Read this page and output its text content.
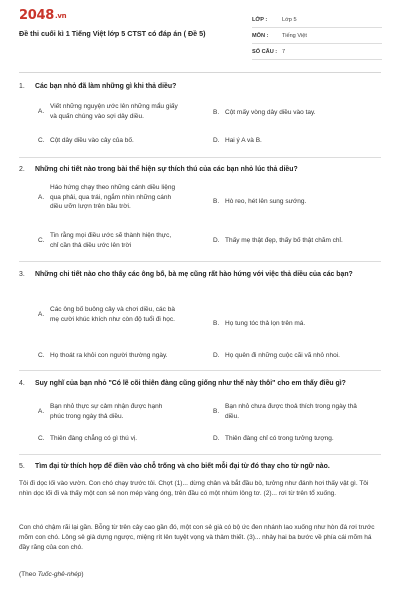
2048.vn
Đề thi cuối kì 1 Tiếng Việt lớp 5 CTST có đáp án ( Đề 5)
LỚP :	Lớp 5
MÔN :	Tiếng Việt
SỐ CÂU : 7
1.	Các bạn nhỏ đã làm những gì khi thả diều?
A.
Viết những nguyện ước lên những mẩu giấy và quấn chúng vào sợi dây diều.	B. Cột mấy vòng dây diều vào tay.
C. Cột dây diều vào cây của bố.	D. Hai ý A và B.
2.	Những chi tiết nào trong bài thể hiện sự thích thú của các bạn nhỏ lúc thả diều?
A.
Háo hứng chạy theo những cánh diều liệng qua phải, qua trái, ngắm nhìn những cánh diều ưỡn lượn trên bầu trời.
B. Hò reo, hét lên sung sướng.
C.
Tin rằng mọi điều ước sẽ thành hiện thực, chỉ cần thả diều ước lên trời
D. Thấy mẹ thật đẹp, thấy bố thật chăm chỉ.
3.	Những chi tiết nào cho thấy các ông bố, bà mẹ cũng rất hào hứng với việc thả diều của các bạn?
A.
Các ông bố buông cây và chơi diều, các bà mẹ cười khúc khích như còn độ tuổi đi học.
B. Họ tung tóc thả lọn trên má.
C. Họ thoát ra khỏi con người thường ngày.	D. Họ quên đi những cuộc cãi vã nhỏ nhoi.
4.	Suy nghĩ của bạn nhỏ "Có lẽ cõi thiên đàng cũng giống như thế này thôi" cho em thấy điều gì?
A.
Bạn nhỏ thực sự cảm nhận được hạnh phúc trong ngày thả diều.
B.
Bạn nhỏ chưa được thoả thích trong ngày thả diều.
C. Thiên đàng chẳng có gì thú vị.	D. Thiên đàng chỉ có trong tưởng tượng.
5.	Tìm đại từ thích hợp để điền vào chỗ trống và cho biết mỗi đại từ đó thay cho từ ngữ nào.
Tôi đi dọc lối vào vườn. Con chó chạy trước tôi. Chợt (1)... dừng chân và bắt đầu bò, tưởng như đánh hơi thấy vật gì. Tôi nhìn dọc lối đi và thấy một con sẻ non mép vàng óng, trên đầu có một nhúm lông tơ. (2)... rơi từ trên tổ xuống.
Con chó chậm rãi lại gần. Bỗng từ trên cây cao gần đó, một con sẻ già có bộ ức đen nhánh lao xuống như hòn đá rơi trước mõm con chó. Lông sẻ già dựng ngược, miệng rít lên tuyệt vọng và thảm thiết. (3)... nhảy hai ba bước về phía cái mõm há đầy răng của con chó.
(Theo Tuốc-ghê-nhép)
